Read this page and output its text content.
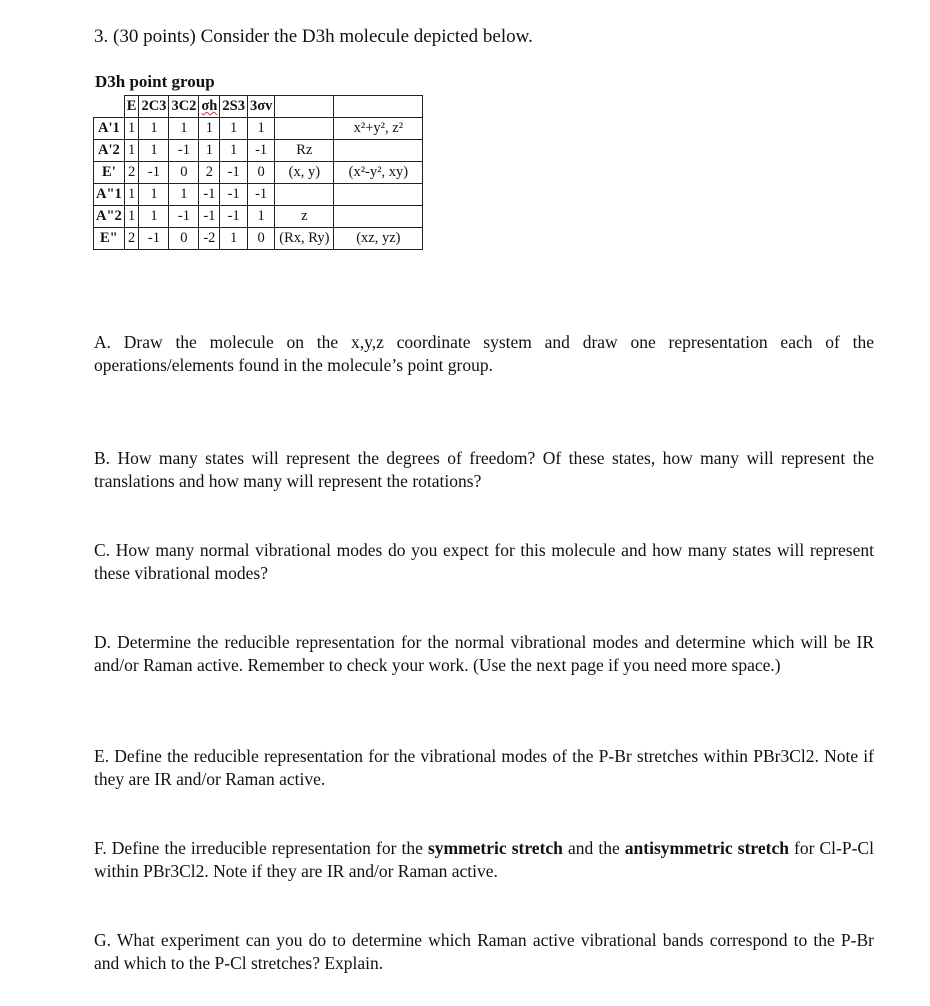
3. (30 points) Consider the D3h molecule depicted below.

D3h point group

	E	2C3	3C2	σh	2S3	3σv		
A'1	1	1	1	1	1	1		x²+y², z²
A'2	1	1	-1	1	1	-1	Rz	
E'	2	-1	0	2	-1	0	(x, y)	(x²-y², xy)
A"1	1	1	1	-1	-1	-1		
A"2	1	1	-1	-1	-1	1	z	
E"	2	-1	0	-2	1	0	(Rx, Ry)	(xz, yz)

A. Draw the molecule on the x,y,z coordinate system and draw one representation each of the operations/elements found in the molecule’s point group.

B. How many states will represent the degrees of freedom? Of these states, how many will represent the translations and how many will represent the rotations?

C. How many normal vibrational modes do you expect for this molecule and how many states will represent these vibrational modes?

D. Determine the reducible representation for the normal vibrational modes and determine which will be IR and/or Raman active. Remember to check your work. (Use the next page if you need more space.)

E. Define the reducible representation for the vibrational modes of the P-Br stretches within PBr3Cl2. Note if they are IR and/or Raman active.

F. Define the irreducible representation for the symmetric stretch and the antisymmetric stretch for Cl-P-Cl within PBr3Cl2. Note if they are IR and/or Raman active.

G. What experiment can you do to determine which Raman active vibrational bands correspond to the P-Br and which to the P-Cl stretches? Explain.
